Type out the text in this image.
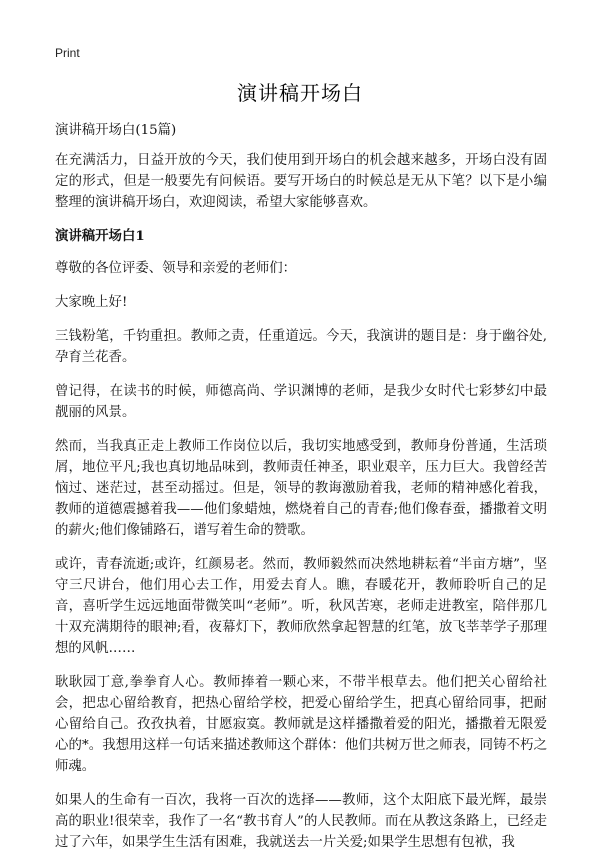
Print
演讲稿开场白

演讲稿开场白(15篇)

在充满活力，日益开放的今天，我们使用到开场白的机会越来越多，开场白没有固定的形式，但是一般要先有问候语。要写开场白的时候总是无从下笔？以下是小编整理的演讲稿开场白，欢迎阅读，希望大家能够喜欢。

演讲稿开场白1

尊敬的各位评委、领导和亲爱的老师们：

大家晚上好!

三钱粉笔，千钧重担。教师之责，任重道远。今天，我演讲的题目是：身于幽谷处,孕育兰花香。

曾记得，在读书的时候，师德高尚、学识渊博的老师，是我少女时代七彩梦幻中最靓丽的风景。

然而，当我真正走上教师工作岗位以后，我切实地感受到，教师身份普通，生活琐屑，地位平凡;我也真切地品味到，教师责任神圣，职业艰辛，压力巨大。我曾经苦恼过、迷茫过，甚至动摇过。但是，领导的教诲激励着我，老师的精神感化着我，教师的道德震撼着我——他们象蜡烛，燃烧着自己的青春;他们像春蚕，播撒着文明的薪火;他们像铺路石，谱写着生命的赞歌。

或许，青春流逝;或许，红颜易老。然而，教师毅然而决然地耕耘着“半亩方塘”，坚守三尺讲台，他们用心去工作，用爱去育人。瞧，春暖花开，教师聆听自己的足音，喜听学生远远地面带微笑叫“老师”。听，秋风苦寒，老师走进教室，陪伴那几十双充满期待的眼神;看，夜幕灯下，教师欣然拿起智慧的红笔，放飞莘莘学子那理想的风帆……

耿耿园丁意,拳拳育人心。教师捧着一颗心来，不带半根草去。他们把关心留给社会，把忠心留给教育，把热心留给学校，把爱心留给学生，把真心留给同事，把耐心留给自己。孜孜执着，甘愿寂寞。教师就是这样播撒着爱的阳光，播撒着无限爱心的*。我想用这样一句话来描述教师这个群体：他们共树万世之师表，同铸不朽之师魂。

如果人的生命有一百次，我将一百次的选择——教师，这个太阳底下最光辉，最崇高的职业!很荣幸，我作了一名“教书育人”的人民教师。而在从教这条路上，已经走过了六年，如果学生生活有困难，我就送去一片关爱;如果学生思想有包袱，我
